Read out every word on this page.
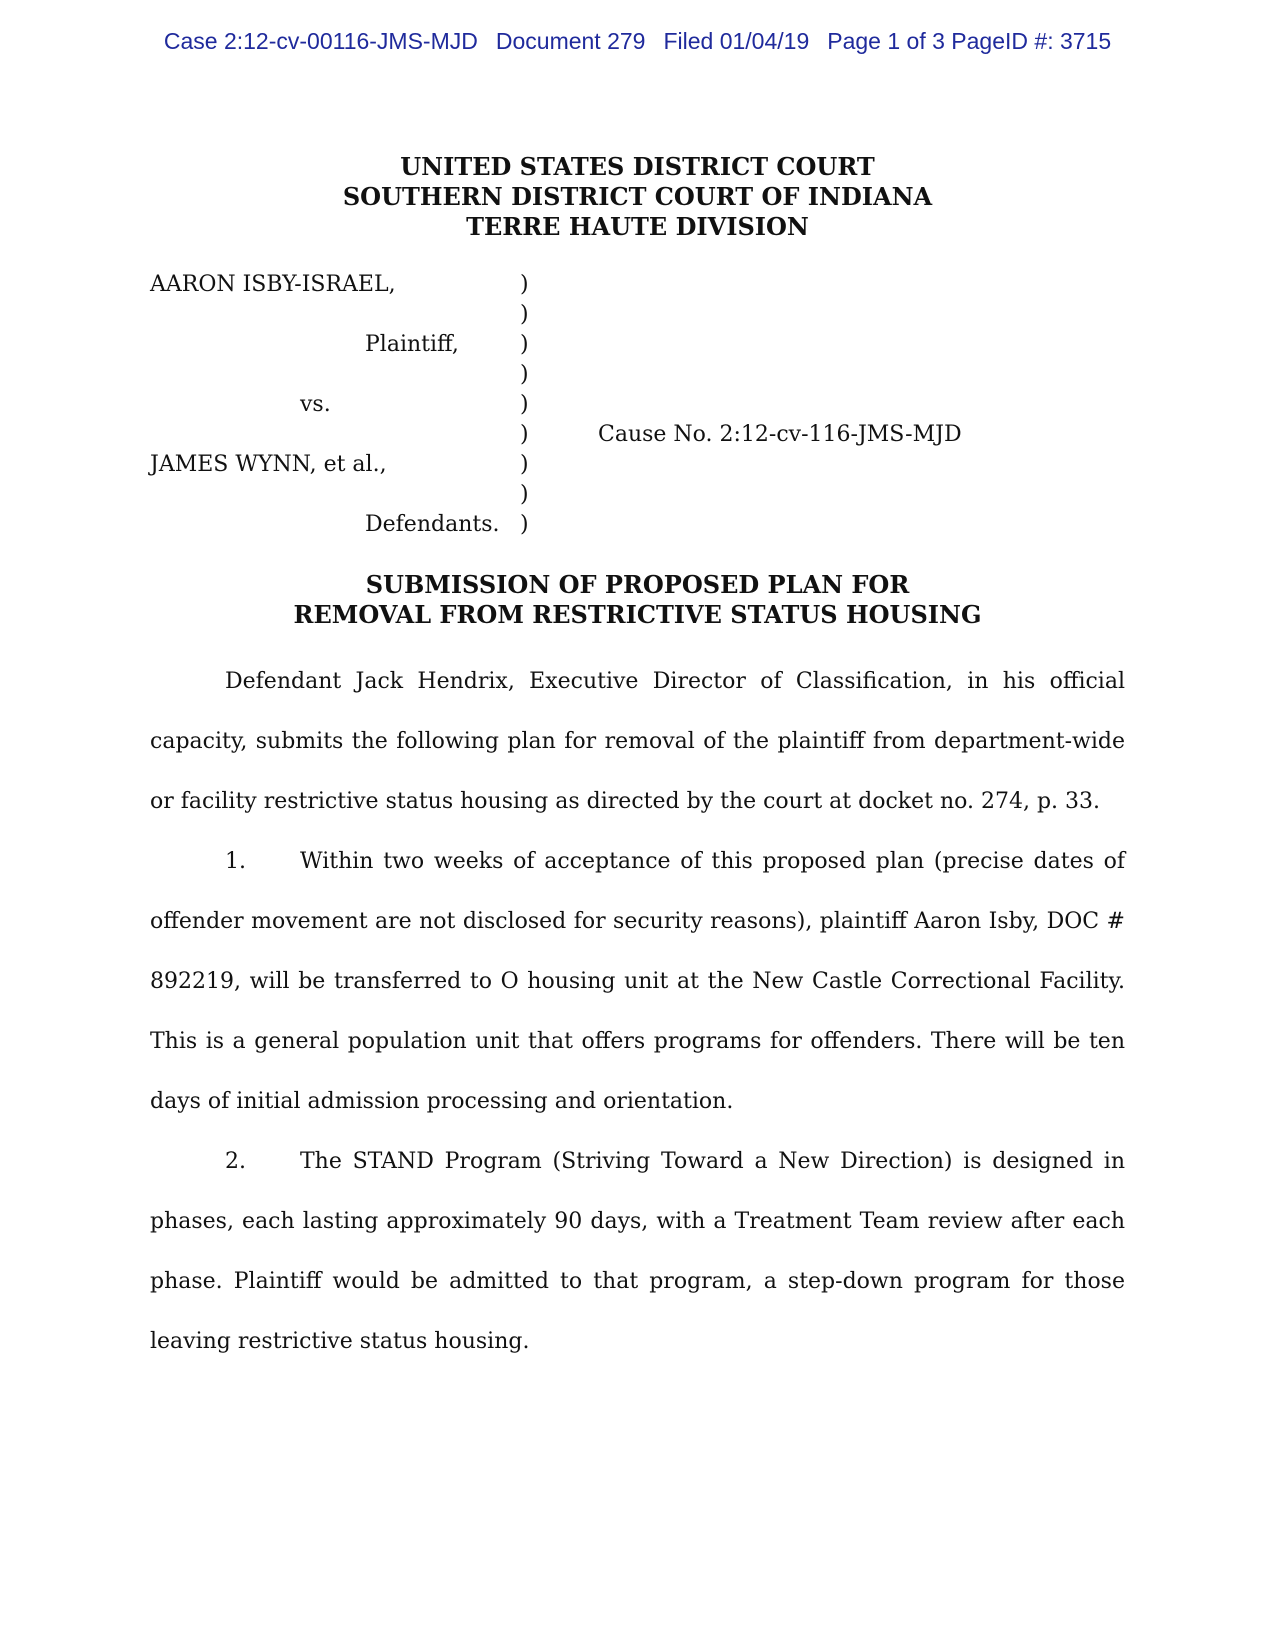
Case 2:12-cv-00116-JMS-MJD Document 279 Filed 01/04/19 Page 1 of 3 PageID #: 3715
UNITED STATES DISTRICT COURT
SOUTHERN DISTRICT COURT OF INDIANA
TERRE HAUTE DIVISION
AARON ISBY-ISRAEL,
Plaintiff,
vs.
JAMES WYNN, et al.,
Defendants.
)
)
)
)
)
)
)
)
)
Cause No. 2:12-cv-116-JMS-MJD
SUBMISSION OF PROPOSED PLAN FOR
REMOVAL FROM RESTRICTIVE STATUS HOUSING

Defendant Jack Hendrix, Executive Director of Classification, in his official capacity, submits the following plan for removal of the plaintiff from department-wide or facility restrictive status housing as directed by the court at docket no. 274, p. 33.

1. Within two weeks of acceptance of this proposed plan (precise dates of offender movement are not disclosed for security reasons), plaintiff Aaron Isby, DOC # 892219, will be transferred to O housing unit at the New Castle Correctional Facility. This is a general population unit that offers programs for offenders. There will be ten days of initial admission processing and orientation.

2. The STAND Program (Striving Toward a New Direction) is designed in phases, each lasting approximately 90 days, with a Treatment Team review after each phase. Plaintiff would be admitted to that program, a step-down program for those leaving restrictive status housing.
